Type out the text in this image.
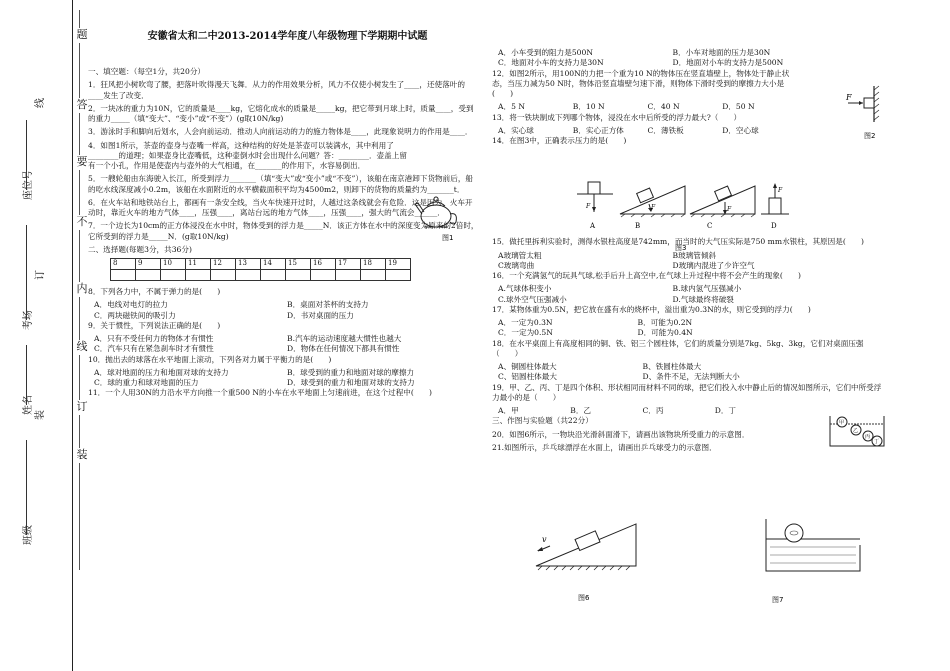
题
答
要
不
内
线
订
装
线
订
装
座位号
考场
姓名
班级
安徽省太和二中2013-2014学年度八年级物理下学期期中试题

一、填空题：（每空1分，共20分）

1．狂风把小树吹弯了腰，把落叶吹得漫天飞舞．从力的作用效果分析，风力不仅使小树发生了____，还使落叶的____发生了改变．

2．一块冰的重力为10N，它的质量是____kg，它熔化成水的质量是_____kg，把它带到月球上时，质量____，受到的重力_____（填“变大”、“变小”或“不变”）(g取10N/kg)

3．游泳时手和脚向后划水，人会向前运动．推动人向前运动的力的施力物体是____，此现象说明力的作用是____．

4．如图1所示，茶壶的壶身与壶嘴一样高，这种结构的好处是茶壶可以装满水，其中利用了________的道理；如果壶身比壶嘴低，这种壶倒水时会出现什么问题？答：________．壶盖上留有一个小孔，作用是使壶内与壶外的大气相通，在_______的作用下，水容易倒出．

5．一艘轮船由东海驶入长江，所受到浮力_______（填“变大”或“变小”或“不变”），该船在南京港卸下货物前后，船的吃水线深度减小0.2m，该船在水面附近的水平横截面积平均为4500m2，则卸下的货物的质量约为_______t．

6．在火车站和地铁站台上，都画有一条安全线，当火车快速开过时，人越过这条线就会有危险．这是因为，火车开动时，靠近火车的地方气体____，压强____，离站台远的地方气体____，压强____，强大的气流会______．

7．一个边长为10cm的正方体浸没在水中时，物体受到的浮力是_____N．该正方体在水中的深度变为原来的2倍时，它所受到的浮力是_____N．(g取10N/kg)

二、选择题(每题3分，共36分)

8	9	10	11	12	13	14	15	16	17	18	19

8．下列各力中，不属于弹力的是(　　)

A．电线对电灯的拉力	B．桌面对茶杯的支持力
C．两块磁铁间的吸引力	D．书对桌面的压力

9．关于惯性，下列说法正确的是(　　)

A．只有不受任何力的物体才有惯性	B.汽车的运动速度越大惯性也越大
C．汽车只有在紧急刹车时才有惯性	D．物体在任何情况下都具有惯性

10．抛出去的球落在水平地面上滚动，下列各对力属于平衡力的是(　　)

A．球对地面的压力和地面对球的支持力	B．球受到的重力和地面对球的摩擦力
C．球的重力和球对地面的压力	D．球受到的重力和地面对球的支持力

11．一个人用30N的力沿水平方向推一个重500 N的小车在水平地面上匀速前进，在这个过程中(　　)

图1
A．小车受到的阻力是500N	B．小车对地面的压力是30N
C．地面对小车的支持力是30N	D．地面对小车的支持力是500N

12．如图2所示，用100N的力把一个重为10 N的物体压在竖直墙壁上，物体处于静止状态，当压力减为50 N时，物体沿竖直墙壁匀速下滑，则物体下滑时受到的摩擦力大小是(　　)

A．5 N	B．10 N	C．40 N	D．50 N

13．将一铁块制成下列哪个物体，浸没在水中后所受的浮力最大?（　　）

A．实心球	B．实心正方体	C．薄铁板	D．空心球

14．在图3中，正确表示压力的是(　　)

15．做托里拆利实验时，测得水银柱高度是742mm，而当时的大气压实际是750 mm水银柱，其原因是(　　)

A玻璃管太粗	B玻璃管倾斜
C玻璃弯曲	D玻璃内混进了少许空气

16．一个充满氢气的玩具气球,松手后升上高空中,在气球上升过程中将不会产生的现象(　　)

A.气球体积变小	B.球内氢气压强减小
C.球外空气压强减小	D.气球最终将破裂

17．某物体重为0.5N，把它放在盛有水的烧杯中，溢出重为0.3N的水，则它受到的浮力(　　)

A．一定为0.3N	B．可能为0.2N
C．一定为0.5N	D．可能为0.4N

18．在水平桌面上有高度相同的铜、铁、铝三个圆柱体，它们的质量分别是7kg、5kg、3kg，它们对桌面压强（　　）

A、铜圆柱体最大	B、铁圆柱体最大
C、铝圆柱体最大	D、条件不足，无法判断大小

19．甲、乙、丙、丁是四个体积、形状相同而材料不同的球，把它们投入水中静止后的情况如图所示，它们中所受浮力最小的是（　　）

A．甲	B．乙	C．丙	D．丁

三、作图与实验题（共22分）

20．如图6所示，一物块沿光滑斜面滑下，请画出该物块所受重力的示意图．

21.如图所示，乒乓球漂浮在水面上，请画出乒乓球受力的示意图．

F
图2
F
A
F
B
F
C
F
D
图3
甲
乙
丙
丁
v
图6	图7
